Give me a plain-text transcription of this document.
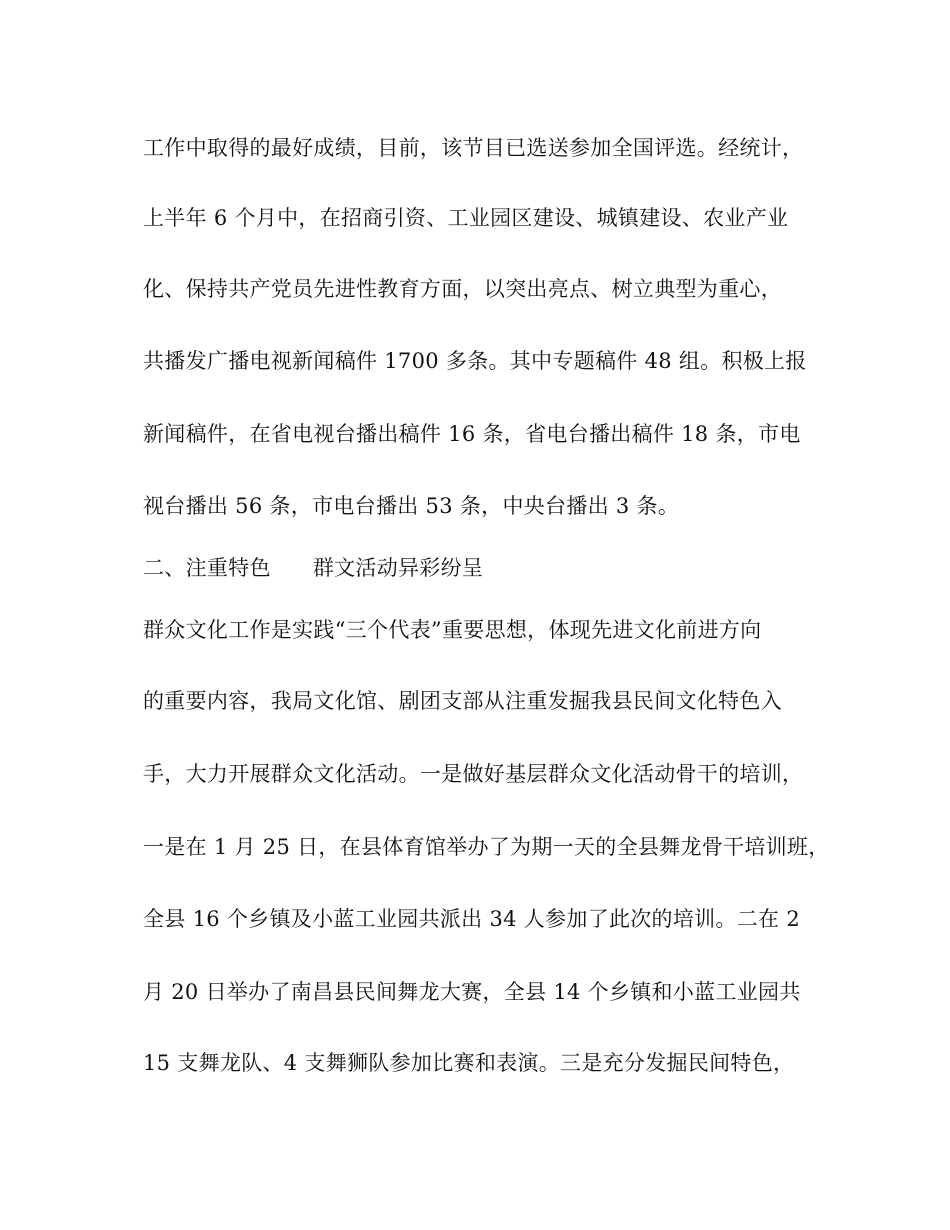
工作中取得的最好成绩，目前，该节目已选送参加全国评选。经统计，
上半年 6 个月中，在招商引资、工业园区建设、城镇建设、农业产业
化、保持共产党员先进性教育方面，以突出亮点、树立典型为重心，
共播发广播电视新闻稿件 1700 多条。其中专题稿件 48 组。积极上报
新闻稿件，在省电视台播出稿件 16 条，省电台播出稿件 18 条，市电
视台播出 56 条，市电台播出 53 条，中央台播出 3 条。
二、注重特色 群文活动异彩纷呈
群众文化工作是实践“三个代表”重要思想，体现先进文化前进方向
的重要内容，我局文化馆、剧团支部从注重发掘我县民间文化特色入
手，大力开展群众文化活动。一是做好基层群众文化活动骨干的培训，
一是在 1 月 25 日，在县体育馆举办了为期一天的全县舞龙骨干培训班，
全县 16 个乡镇及小蓝工业园共派出 34 人参加了此次的培训。二在 2
月 20 日举办了南昌县民间舞龙大赛，全县 14 个乡镇和小蓝工业园共
15 支舞龙队、4 支舞狮队参加比赛和表演。三是充分发掘民间特色，
